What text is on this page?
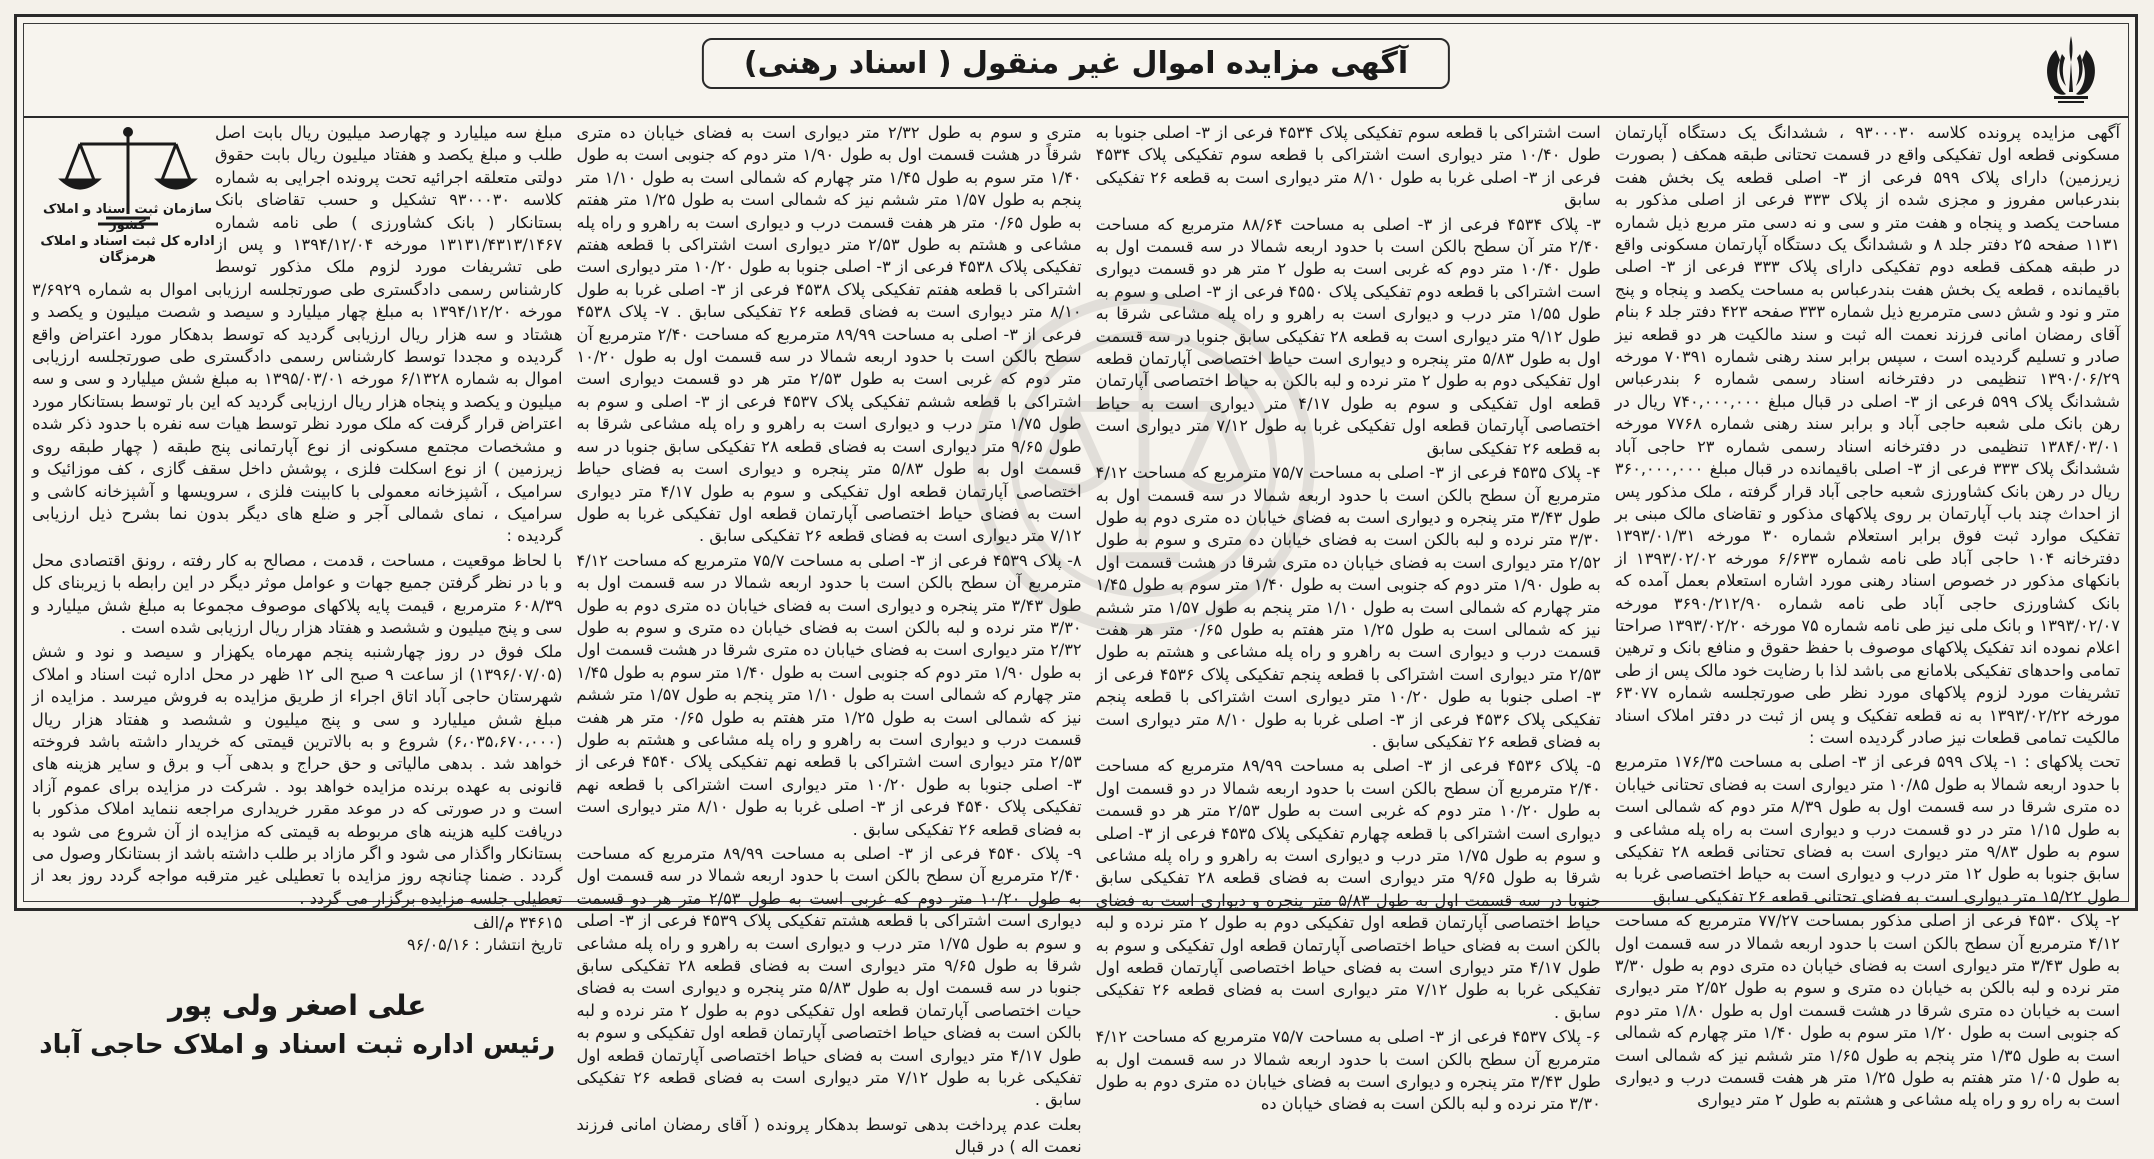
آگهی مزایده اموال غیر منقول ( اسناد رهنی)

آگهی مزایده پرونده کلاسه ۹۳۰۰۰۳۰ ، ششدانگ یک دستگاه آپارتمان مسکونی قطعه اول تفکیکی واقع در قسمت تحتانی طبقه همکف ( بصورت زیرزمین) دارای پلاک ۵۹۹ فرعی از ۳- اصلی قطعه یک بخش هفت بندرعباس مفروز و مجزی شده از پلاک ۳۳۳ فرعی از اصلی مذکور به مساحت یکصد و پنجاه و هفت متر و سی و نه دسی متر مربع ذیل شماره ۱۱۳۱ صفحه ۲۵ دفتر جلد ۸ و ششدانگ یک دستگاه آپارتمان مسکونی واقع در طبقه همکف قطعه دوم تفکیکی دارای پلاک ۳۳۳ فرعی از ۳- اصلی باقیمانده ، قطعه یک بخش هفت بندرعباس به مساحت یکصد و پنجاه و پنج متر و نود و شش دسی مترمربع ذیل شماره ۳۳۳ صفحه ۴۲۳ دفتر جلد ۶ بنام آقای رمضان امانی فرزند نعمت اله ثبت و سند مالکیت هر دو قطعه نیز صادر و تسلیم گردیده است ، سپس برابر سند رهنی شماره ۷۰۳۹۱ مورخه ۱۳۹۰/۰۶/۲۹ تنظیمی در دفترخانه اسناد رسمی شماره ۶ بندرعباس ششدانگ پلاک ۵۹۹ فرعی از ۳- اصلی در قبال مبلغ ۷۴۰,۰۰۰,۰۰۰ ریال در رهن بانک ملی شعبه حاجی آباد و برابر سند رهنی شماره ۷۷۶۸ مورخه ۱۳۸۴/۰۳/۰۱ تنظیمی در دفترخانه اسناد رسمی شماره ۲۳ حاجی آباد ششدانگ پلاک ۳۳۳ فرعی از ۳- اصلی باقیمانده در قبال مبلغ ۳۶۰,۰۰۰,۰۰۰ ریال در رهن بانک کشاورزی شعبه حاجی آباد قرار گرفته ، ملک مذکور پس از احداث چند باب آپارتمان بر روی پلاکهای مذکور و تقاضای مالک مبنی بر تفکیک موارد ثبت فوق برابر استعلام شماره ۳۰ مورخه ۱۳۹۳/۰۱/۳۱ دفترخانه ۱۰۴ حاجی آباد طی نامه شماره ۶/۶۳۳ مورخه ۱۳۹۳/۰۲/۰۲ از بانکهای مذکور در خصوص اسناد رهنی مورد اشاره استعلام بعمل آمده که بانک کشاورزی حاجی آباد طی نامه شماره ۳۶۹۰/۲۱۲/۹۰ مورخه ۱۳۹۳/۰۲/۰۷ و بانک ملی نیز طی نامه شماره ۷۵ مورخه ۱۳۹۳/۰۲/۲۰ صراحتا اعلام نموده اند تفکیک پلاکهای موصوف با حفظ حقوق و منافع بانک و ترهین تمامی واحدهای تفکیکی بلامانع می باشد لذا با رضایت خود مالک پس از طی تشریفات مورد لزوم پلاکهای مورد نظر طی صورتجلسه شماره ۶۳۰۷۷ مورخه ۱۳۹۳/۰۲/۲۲ به نه قطعه تفکیک و پس از ثبت در دفتر املاک اسناد مالکیت تمامی قطعات نیز صادر گردیده است :

تحت پلاکهای : ۱- پلاک ۵۹۹ فرعی از ۳- اصلی به مساحت ۱۷۶/۳۵ مترمربع با حدود اربعه شمالا به طول ۱۰/۸۵ متر دیواری است به فضای تحتانی خیابان ده متری شرقا در سه قسمت اول به طول ۸/۳۹ متر دوم که شمالی است به طول ۱/۱۵ متر در دو قسمت درب و دیواری است به راه پله مشاعی و سوم به طول ۹/۸۳ متر دیواری است به فضای تحتانی قطعه ۲۸ تفکیکی سابق جنوبا به طول ۱۲ متر درب و دیواری است به حیاط اختصاصی غربا به طول ۱۵/۲۲ متر دیواری است به فضای تحتانی قطعه ۲۶ تفکیکی سابق

۲- پلاک ۴۵۳۰ فرعی از اصلی مذکور بمساحت ۷۷/۲۷ مترمربع که مساحت ۴/۱۲ مترمربع آن سطح بالکن است با حدود اربعه شمالا در سه قسمت اول به طول ۳/۴۳ متر دیواری است به فضای خیابان ده متری دوم به طول ۳/۳۰ متر نرده و لبه بالکن به خیابان ده متری و سوم به طول ۲/۵۲ متر دیواری است به خیابان ده متری شرقا در هشت قسمت اول به طول ۱/۸۰ متر دوم که جنوبی است به طول ۱/۲۰ متر سوم به طول ۱/۴۰ متر چهارم که شمالی است به طول ۱/۳۵ متر پنجم به طول ۱/۶۵ متر ششم نیز که شمالی است به طول ۱/۰۵ متر هفتم به طول ۱/۲۵ متر هر هفت قسمت درب و دیواری است به راه رو و راه پله مشاعی و هشتم به طول ۲ متر دیواری

است اشتراکی با قطعه سوم تفکیکی پلاک ۴۵۳۴ فرعی از ۳- اصلی جنوبا به طول ۱۰/۴۰ متر دیواری است اشتراکی با قطعه سوم تفکیکی پلاک ۴۵۳۴ فرعی از ۳- اصلی غربا به طول ۸/۱۰ متر دیواری است به قطعه ۲۶ تفکیکی سابق

۳- پلاک ۴۵۳۴ فرعی از ۳- اصلی به مساحت ۸۸/۶۴ مترمربع که مساحت ۲/۴۰ متر آن سطح بالکن است با حدود اربعه شمالا در سه قسمت اول به طول ۱۰/۴۰ متر دوم که غربی است به طول ۲ متر هر دو قسمت دیواری است اشتراکی با قطعه دوم تفکیکی پلاک ۴۵۵۰ فرعی از ۳- اصلی و سوم به طول ۱/۵۵ متر درب و دیواری است به راهرو و راه پله مشاعی شرقا به طول ۹/۱۲ متر دیواری است به قطعه ۲۸ تفکیکی سابق جنوبا در سه قسمت اول به طول ۵/۸۳ متر پنجره و دیواری است حیاط اختصاصی آپارتمان قطعه اول تفکیکی دوم به طول ۲ متر نرده و لبه بالکن به حیاط اختصاصی آپارتمان قطعه اول تفکیکی و سوم به طول ۴/۱۷ متر دیواری است به حیاط اختصاصی آپارتمان قطعه اول تفکیکی غربا به طول ۷/۱۲ متر دیواری است به قطعه ۲۶ تفکیکی سابق

۴- پلاک ۴۵۳۵ فرعی از ۳- اصلی به مساحت ۷۵/۷ مترمربع که مساحت ۴/۱۲ مترمربع آن سطح بالکن است با حدود اربعه شمالا در سه قسمت اول به طول ۳/۴۳ متر پنجره و دیواری است به فضای خیابان ده متری دوم به طول ۳/۳۰ متر نرده و لبه بالکن است به فضای خیابان ده متری و سوم به طول ۲/۵۲ متر دیواری است به فضای خیابان ده متری شرقا در هشت قسمت اول به طول ۱/۹۰ متر دوم که جنوبی است به طول ۱/۴۰ متر سوم به طول ۱/۴۵ متر چهارم که شمالی است به طول ۱/۱۰ متر پنجم به طول ۱/۵۷ متر ششم نیز که شمالی است به طول ۱/۲۵ متر هفتم به طول ۰/۶۵ متر هر هفت قسمت درب و دیواری است به راهرو و راه پله مشاعی و هشتم به طول ۲/۵۳ متر دیواری است اشتراکی با قطعه پنجم تفکیکی پلاک ۴۵۳۶ فرعی از ۳- اصلی جنوبا به طول ۱۰/۲۰ متر دیواری است اشتراکی با قطعه پنجم تفکیکی پلاک ۴۵۳۶ فرعی از ۳- اصلی غربا به طول ۸/۱۰ متر دیواری است به فضای قطعه ۲۶ تفکیکی سابق .

۵- پلاک ۴۵۳۶ فرعی از ۳- اصلی به مساحت ۸۹/۹۹ مترمربع که مساحت ۲/۴۰ مترمربع آن سطح بالکن است با حدود اربعه شمالا در دو قسمت اول به طول ۱۰/۲۰ متر دوم که غربی است به طول ۲/۵۳ متر هر دو قسمت دیواری است اشتراکی با قطعه چهارم تفکیکی پلاک ۴۵۳۵ فرعی از ۳- اصلی و سوم به طول ۱/۷۵ متر درب و دیواری است به راهرو و راه پله مشاعی شرقا به طول ۹/۶۵ متر دیواری است به فضای قطعه ۲۸ تفکیکی سابق جنوبا در سه قسمت اول به طول ۵/۸۳ متر پنجره و دیواری است به فضای حیاط اختصاصی آپارتمان قطعه اول تفکیکی دوم به طول ۲ متر نرده و لبه بالکن است به فضای حیاط اختصاصی آپارتمان قطعه اول تفکیکی و سوم به طول ۴/۱۷ متر دیواری است به فضای حیاط اختصاصی آپارتمان قطعه اول تفکیکی غربا به طول ۷/۱۲ متر دیواری است به فضای قطعه ۲۶ تفکیکی سابق .

۶- پلاک ۴۵۳۷ فرعی از ۳- اصلی به مساحت ۷۵/۷ مترمربع که مساحت ۴/۱۲ مترمربع آن سطح بالکن است با حدود اربعه شمالا در سه قسمت اول به طول ۳/۴۳ متر پنجره و دیواری است به فضای خیابان ده متری دوم به طول ۳/۳۰ متر نرده و لبه بالکن است به فضای خیابان ده

متری و سوم به طول ۲/۳۲ متر دیواری است به فضای خیابان ده متری شرقاً در هشت قسمت اول به طول ۱/۹۰ متر دوم که جنوبی است به طول ۱/۴۰ متر سوم به طول ۱/۴۵ متر چهارم که شمالی است به طول ۱/۱۰ متر پنجم به طول ۱/۵۷ متر ششم نیز که شمالی است به طول ۱/۲۵ متر هفتم به طول ۰/۶۵ متر هر هفت قسمت درب و دیواری است به راهرو و راه پله مشاعی و هشتم به طول ۲/۵۳ متر دیواری است اشتراکی با قطعه هفتم تفکیکی پلاک ۴۵۳۸ فرعی از ۳- اصلی جنوبا به طول ۱۰/۲۰ متر دیواری است اشتراکی با قطعه هفتم تفکیکی پلاک ۴۵۳۸ فرعی از ۳- اصلی غربا به طول ۸/۱۰ متر دیواری است به فضای قطعه ۲۶ تفکیکی سابق . ۷- پلاک ۴۵۳۸ فرعی از ۳- اصلی به مساحت ۸۹/۹۹ مترمربع که مساحت ۲/۴۰ مترمربع آن سطح بالکن است با حدود اربعه شمالا در سه قسمت اول به طول ۱۰/۲۰ متر دوم که غربی است به طول ۲/۵۳ متر هر دو قسمت دیواری است اشتراکی با قطعه ششم تفکیکی پلاک ۴۵۳۷ فرعی از ۳- اصلی و سوم به طول ۱/۷۵ متر درب و دیواری است به راهرو و راه پله مشاعی شرقا به طول ۹/۶۵ متر دیواری است به فضای قطعه ۲۸ تفکیکی سابق جنوبا در سه قسمت اول به طول ۵/۸۳ متر پنجره و دیواری است به فضای حیاط اختصاصی آپارتمان قطعه اول تفکیکی و سوم به طول ۴/۱۷ متر دیواری است به فضای حیاط اختصاصی آپارتمان قطعه اول تفکیکی غربا به طول ۷/۱۲ متر دیواری است به فضای قطعه ۲۶ تفکیکی سابق .

۸- پلاک ۴۵۳۹ فرعی از ۳- اصلی به مساحت ۷۵/۷ مترمربع که مساحت ۴/۱۲ مترمربع آن سطح بالکن است با حدود اربعه شمالا در سه قسمت اول به طول ۳/۴۳ متر پنجره و دیواری است به فضای خیابان ده متری دوم به طول ۳/۳۰ متر نرده و لبه بالکن است به فضای خیابان ده متری و سوم به طول ۲/۳۲ متر دیواری است به فضای خیابان ده متری شرقا در هشت قسمت اول به طول ۱/۹۰ متر دوم که جنوبی است به طول ۱/۴۰ متر سوم به طول ۱/۴۵ متر چهارم که شمالی است به طول ۱/۱۰ متر پنجم به طول ۱/۵۷ متر ششم نیز که شمالی است به طول ۱/۲۵ متر هفتم به طول ۰/۶۵ متر هر هفت قسمت درب و دیواری است به راهرو و راه پله مشاعی و هشتم به طول ۲/۵۳ متر دیواری است اشتراکی با قطعه نهم تفکیکی پلاک ۴۵۴۰ فرعی از ۳- اصلی جنوبا به طول ۱۰/۲۰ متر دیواری است اشتراکی با قطعه نهم تفکیکی پلاک ۴۵۴۰ فرعی از ۳- اصلی غربا به طول ۸/۱۰ متر دیواری است به فضای قطعه ۲۶ تفکیکی سابق .

۹- پلاک ۴۵۴۰ فرعی از ۳- اصلی به مساحت ۸۹/۹۹ مترمربع که مساحت ۲/۴۰ مترمربع آن سطح بالکن است با حدود اربعه شمالا در سه قسمت اول به طول ۱۰/۲۰ متر دوم که غربی است به طول ۲/۵۳ متر هر دو قسمت دیواری است اشتراکی با قطعه هشتم تفکیکی پلاک ۴۵۳۹ فرعی از ۳- اصلی و سوم به طول ۱/۷۵ متر درب و دیواری است به راهرو و راه پله مشاعی شرقا به طول ۹/۶۵ متر دیواری است به فضای قطعه ۲۸ تفکیکی سابق جنوبا در سه قسمت اول به طول ۵/۸۳ متر پنجره و دیواری است به فضای حیات اختصاصی آپارتمان قطعه اول تفکیکی دوم به طول ۲ متر نرده و لبه بالکن است به فضای حیاط اختصاصی آپارتمان قطعه اول تفکیکی و سوم به طول ۴/۱۷ متر دیواری است به فضای حیاط اختصاصی آپارتمان قطعه اول تفکیکی غربا به طول ۷/۱۲ متر دیواری است به فضای قطعه ۲۶ تفکیکی سابق .

بعلت عدم پرداخت بدهی توسط بدهکار پرونده ( آقای رمضان امانی فرزند نعمت اله ) در قبال

سازمان ثبت اسناد و املاک کشور
اداره کل ثبت اسناد و املاک هرمزگان

مبلغ سه میلیارد و چهارصد میلیون ریال بابت اصل طلب و مبلغ یکصد و هفتاد میلیون ریال بابت حقوق دولتی متعلقه اجرائیه تحت پرونده اجرایی به شماره کلاسه ۹۳۰۰۰۳۰ تشکیل و حسب تقاضای بانک بستانکار ( بانک کشاورزی ) طی نامه شماره ۱۳۱۳۱/۴۳۱۳/۱۴۶۷ مورخه ۱۳۹۴/۱۲/۰۴ و پس از طی تشریفات مورد لزوم ملک مذکور توسط کارشناس رسمی دادگستری طی صورتجلسه ارزیابی اموال به شماره ۳/۶۹۲۹ مورخه ۱۳۹۴/۱۲/۲۰ به مبلغ چهار میلیارد و سیصد و شصت میلیون و یکصد و هشتاد و سه هزار ریال ارزیابی گردید که توسط بدهکار مورد اعتراض واقع گردیده و مجددا توسط کارشناس رسمی دادگستری طی صورتجلسه ارزیابی اموال به شماره ۶/۱۳۲۸ مورخه ۱۳۹۵/۰۳/۰۱ به مبلغ شش میلیارد و سی و سه میلیون و یکصد و پنجاه هزار ریال ارزیابی گردید که این بار توسط بستانکار مورد اعتراض قرار گرفت که ملک مورد نظر توسط هیات سه نفره با حدود ذکر شده و مشخصات مجتمع مسکونی از نوع آپارتمانی پنج طبقه ( چهار طبقه روی زیرزمین ) از نوع اسکلت فلزی ، پوشش داخل سقف گازی ، کف موزائیک و سرامیک ، آشپزخانه معمولی با کابینت فلزی ، سرویسها و آشپزخانه کاشی و سرامیک ، نمای شمالی آجر و ضلع های دیگر بدون نما بشرح ذیل ارزیابی گردیده :

با لحاظ موقعیت ، مساحت ، قدمت ، مصالح به کار رفته ، رونق اقتصادی محل و با در نظر گرفتن جمیع جهات و عوامل موثر دیگر در این رابطه با زیربنای کل ۶۰۸/۳۹ مترمربع ، قیمت پایه پلاکهای موصوف مجموعا به مبلغ شش میلیارد و سی و پنج میلیون و ششصد و هفتاد هزار ریال ارزیابی شده است .

ملک فوق در روز چهارشنبه پنجم مهرماه یکهزار و سیصد و نود و شش (۱۳۹۶/۰۷/۰۵) از ساعت ۹ صبح الی ۱۲ ظهر در محل اداره ثبت اسناد و املاک شهرستان حاجی آباد اتاق اجراء از طریق مزایده به فروش میرسد . مزایده از مبلغ شش میلیارد و سی و پنج میلیون و ششصد و هفتاد هزار ریال (۶،۰۳۵،۶۷۰،۰۰۰) شروع و به بالاترین قیمتی که خریدار داشته باشد فروخته خواهد شد . بدهی مالیاتی و حق حراج و بدهی آب و برق و سایر هزینه های قانونی به عهده برنده مزایده خواهد بود . شرکت در مزایده برای عموم آزاد است و در صورتی که در موعد مقرر خریداری مراجعه ننماید املاک مذکور با دریافت کلیه هزینه های مربوطه به قیمتی که مزایده از آن شروع می شود به بستانکار واگذار می شود و اگر مازاد بر طلب داشته باشد از بستانکار وصول می گردد . ضمنا چنانچه روز مزایده با تعطیلی غیر مترقبه مواجه گردد روز بعد از تعطیلی جلسه مزایده برگزار می گردد .

۳۴۶۱۵ م/الف
تاریخ انتشار : ۹۶/۰۵/۱۶
علی اصغر ولی پور
رئیس اداره ثبت اسناد و املاک حاجی آباد
